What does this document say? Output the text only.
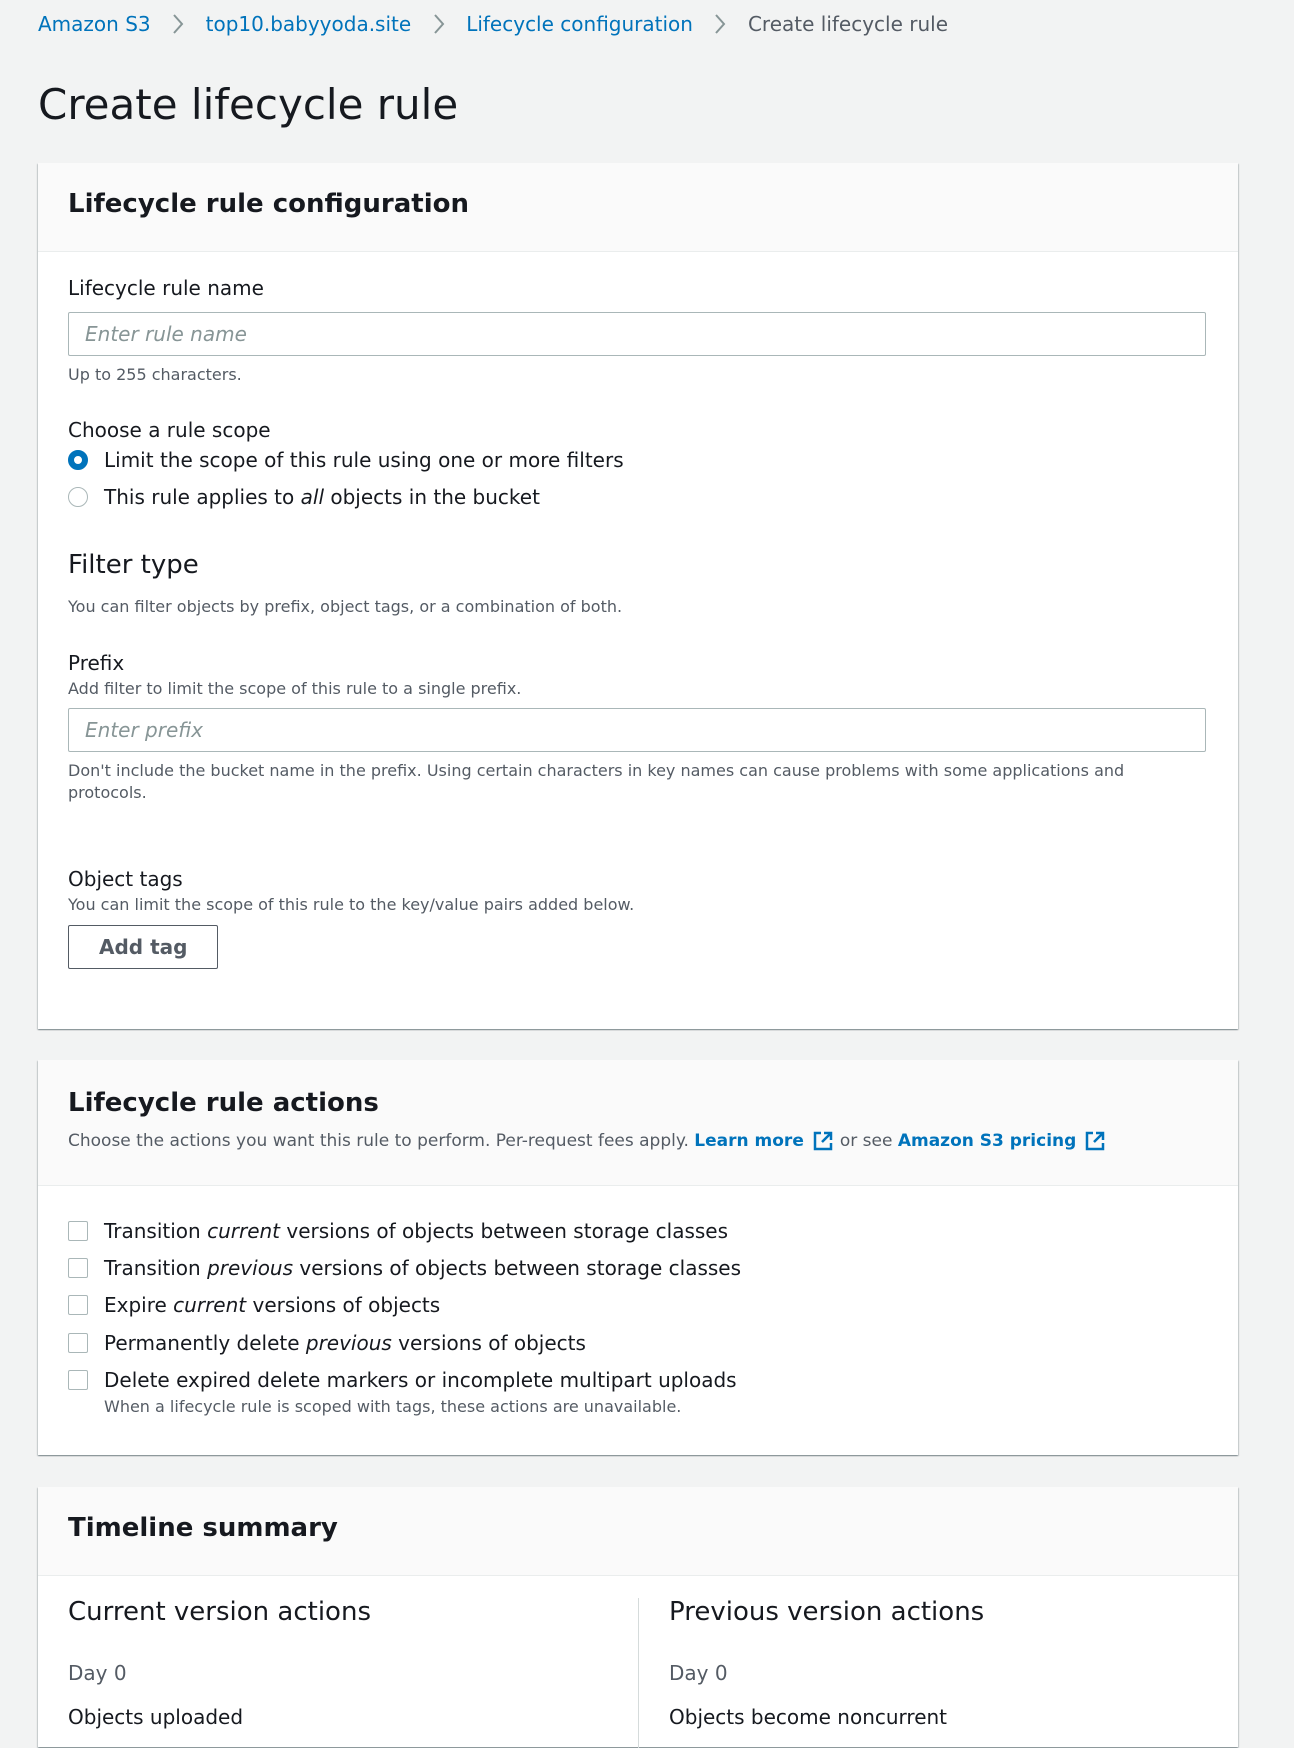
Amazon S3	top10.babyyoda.site	Lifecycle configuration	Create lifecycle rule
Create lifecycle rule
Lifecycle rule configuration
Lifecycle rule name
Enter rule name
Up to 255 characters.
Choose a rule scope
Limit the scope of this rule using one or more filters
This rule applies to all objects in the bucket
Filter type
You can filter objects by prefix, object tags, or a combination of both.
Prefix
Add filter to limit the scope of this rule to a single prefix.
Enter prefix
Don't include the bucket name in the prefix. Using certain characters in key names can cause problems with some applications and protocols.
Object tags
You can limit the scope of this rule to the key/value pairs added below.
Add tag
Lifecycle rule actions
Choose the actions you want this rule to perform. Per-request fees apply.
Learn more or see
Amazon S3 pricing
Transition current versions of objects between storage classes
Transition previous versions of objects between storage classes
Expire current versions of objects
Permanently delete previous versions of objects
Delete expired delete markers or incomplete multipart uploads
When a lifecycle rule is scoped with tags, these actions are unavailable.
Timeline summary
Current version actions
Day 0
Objects uploaded
Previous version actions
Day 0
Objects become noncurrent
